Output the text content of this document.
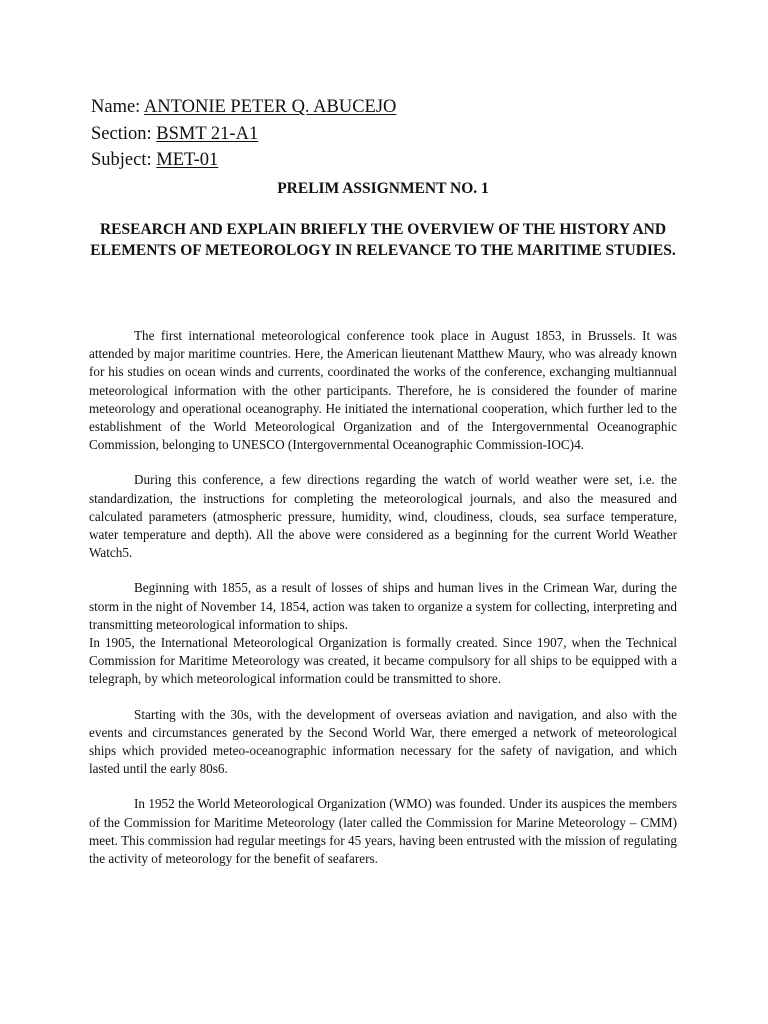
Name: ANTONIE PETER Q. ABUCEJO
Section: BSMT 21-A1
Subject: MET-01
PRELIM ASSIGNMENT NO. 1
RESEARCH AND EXPLAIN BRIEFLY THE OVERVIEW OF THE HISTORY AND ELEMENTS OF METEOROLOGY IN RELEVANCE TO THE MARITIME STUDIES.

The first international meteorological conference took place in August 1853, in Brussels. It was attended by major maritime countries. Here, the American lieutenant Matthew Maury, who was already known for his studies on ocean winds and currents, coordinated the works of the conference, exchanging multiannual meteorological information with the other participants. Therefore, he is considered the founder of marine meteorology and operational oceanography. He initiated the international cooperation, which further led to the establishment of the World Meteorological Organization and of the Intergovernmental Oceanographic Commission, belonging to UNESCO (Intergovernmental Oceanographic Commission-IOC)4.

During this conference, a few directions regarding the watch of world weather were set, i.e. the standardization, the instructions for completing the meteorological journals, and also the measured and calculated parameters (atmospheric pressure, humidity, wind, cloudiness, clouds, sea surface temperature, water temperature and depth). All the above were considered as a beginning for the current World Weather Watch5.

Beginning with 1855, as a result of losses of ships and human lives in the Crimean War, during the storm in the night of November 14, 1854, action was taken to organize a system for collecting, interpreting and transmitting meteorological information to ships.

In 1905, the International Meteorological Organization is formally created. Since 1907, when the Technical Commission for Maritime Meteorology was created, it became compulsory for all ships to be equipped with a telegraph, by which meteorological information could be transmitted to shore.

Starting with the 30s, with the development of overseas aviation and navigation, and also with the events and circumstances generated by the Second World War, there emerged a network of meteorological ships which provided meteo-oceanographic information necessary for the safety of navigation, and which lasted until the early 80s6.

In 1952 the World Meteorological Organization (WMO) was founded. Under its auspices the members of the Commission for Maritime Meteorology (later called the Commission for Marine Meteorology – CMM) meet. This commission had regular meetings for 45 years, having been entrusted with the mission of regulating the activity of meteorology for the benefit of seafarers.
